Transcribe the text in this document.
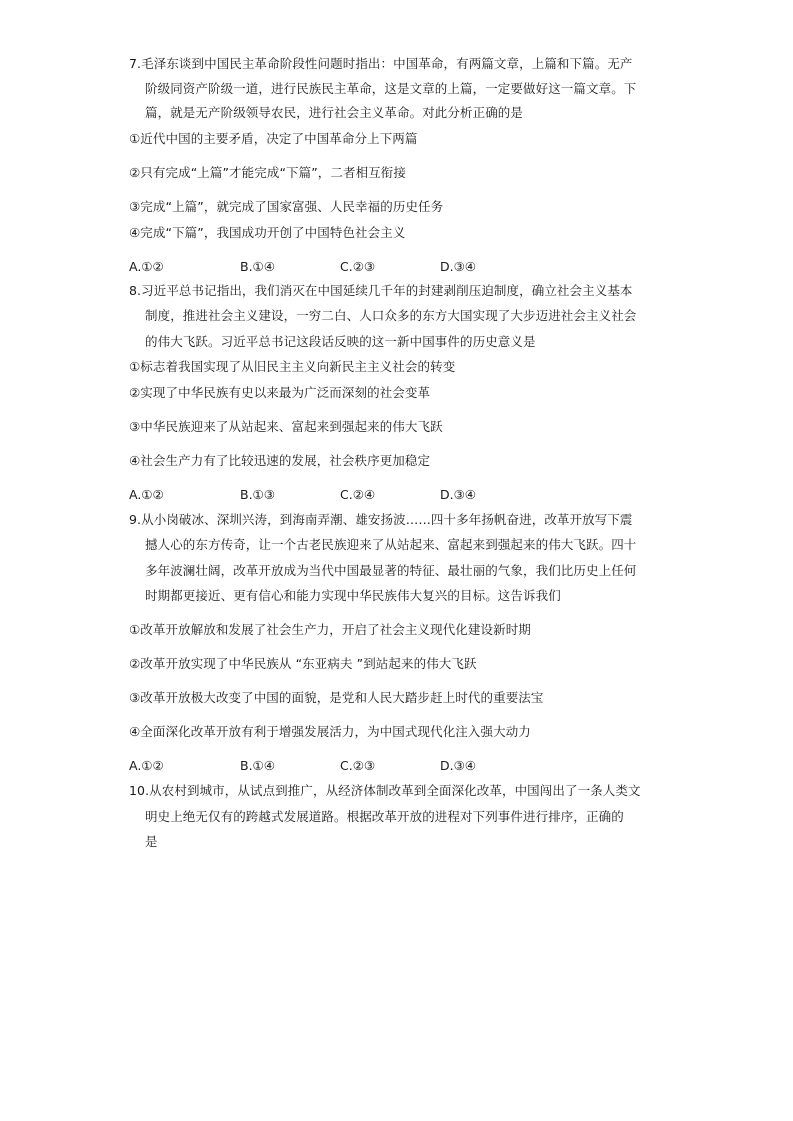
7.毛泽东谈到中国民主革命阶段性问题时指出：中国革命，有两篇文章，上篇和下篇。无产
阶级同资产阶级一道，进行民族民主革命，这是文章的上篇，一定要做好这一篇文章。下
篇，就是无产阶级领导农民，进行社会主义革命。对此分析正确的是
①近代中国的主要矛盾，决定了中国革命分上下两篇
②只有完成“上篇”才能完成“下篇”，二者相互衔接
③完成“上篇”，就完成了国家富强、人民幸福的历史任务
④完成“下篇”，我国成功开创了中国特色社会主义
A.①②	B.①④	C.②③	D.③④
8.习近平总书记指出，我们消灭在中国延续几千年的封建剥削压迫制度，确立社会主义基本
制度，推进社会主义建设，一穷二白、人口众多的东方大国实现了大步迈进社会主义社会
的伟大飞跃。习近平总书记这段话反映的这一新中国事件的历史意义是
①标志着我国实现了从旧民主主义向新民主主义社会的转变
②实现了中华民族有史以来最为广泛而深刻的社会变革
③中华民族迎来了从站起来、富起来到强起来的伟大飞跃
④社会生产力有了比较迅速的发展，社会秩序更加稳定
A.①②	B.①③	C.②④	D.③④
9.从小岗破冰、深圳兴涛，到海南弄潮、雄安扬波……四十多年扬帆奋进，改革开放写下震
撼人心的东方传奇，让一个古老民族迎来了从站起来、富起来到强起来的伟大飞跃。四十
多年波澜壮阔，改革开放成为当代中国最显著的特征、最壮丽的气象，我们比历史上任何
时期都更接近、更有信心和能力实现中华民族伟大复兴的目标。这告诉我们
①改革开放解放和发展了社会生产力，开启了社会主义现代化建设新时期
②改革开放实现了中华民族从 “东亚病夫 ”到站起来的伟大飞跃
③改革开放极大改变了中国的面貌，是党和人民大踏步赶上时代的重要法宝
④全面深化改革开放有利于增强发展活力，为中国式现代化注入强大动力
A.①②	B.①④	C.②③	D.③④
10.从农村到城市，从试点到推广，从经济体制改革到全面深化改革，中国闯出了一条人类文
明史上绝无仅有的跨越式发展道路。根据改革开放的进程对下列事件进行排序，正确的
是
